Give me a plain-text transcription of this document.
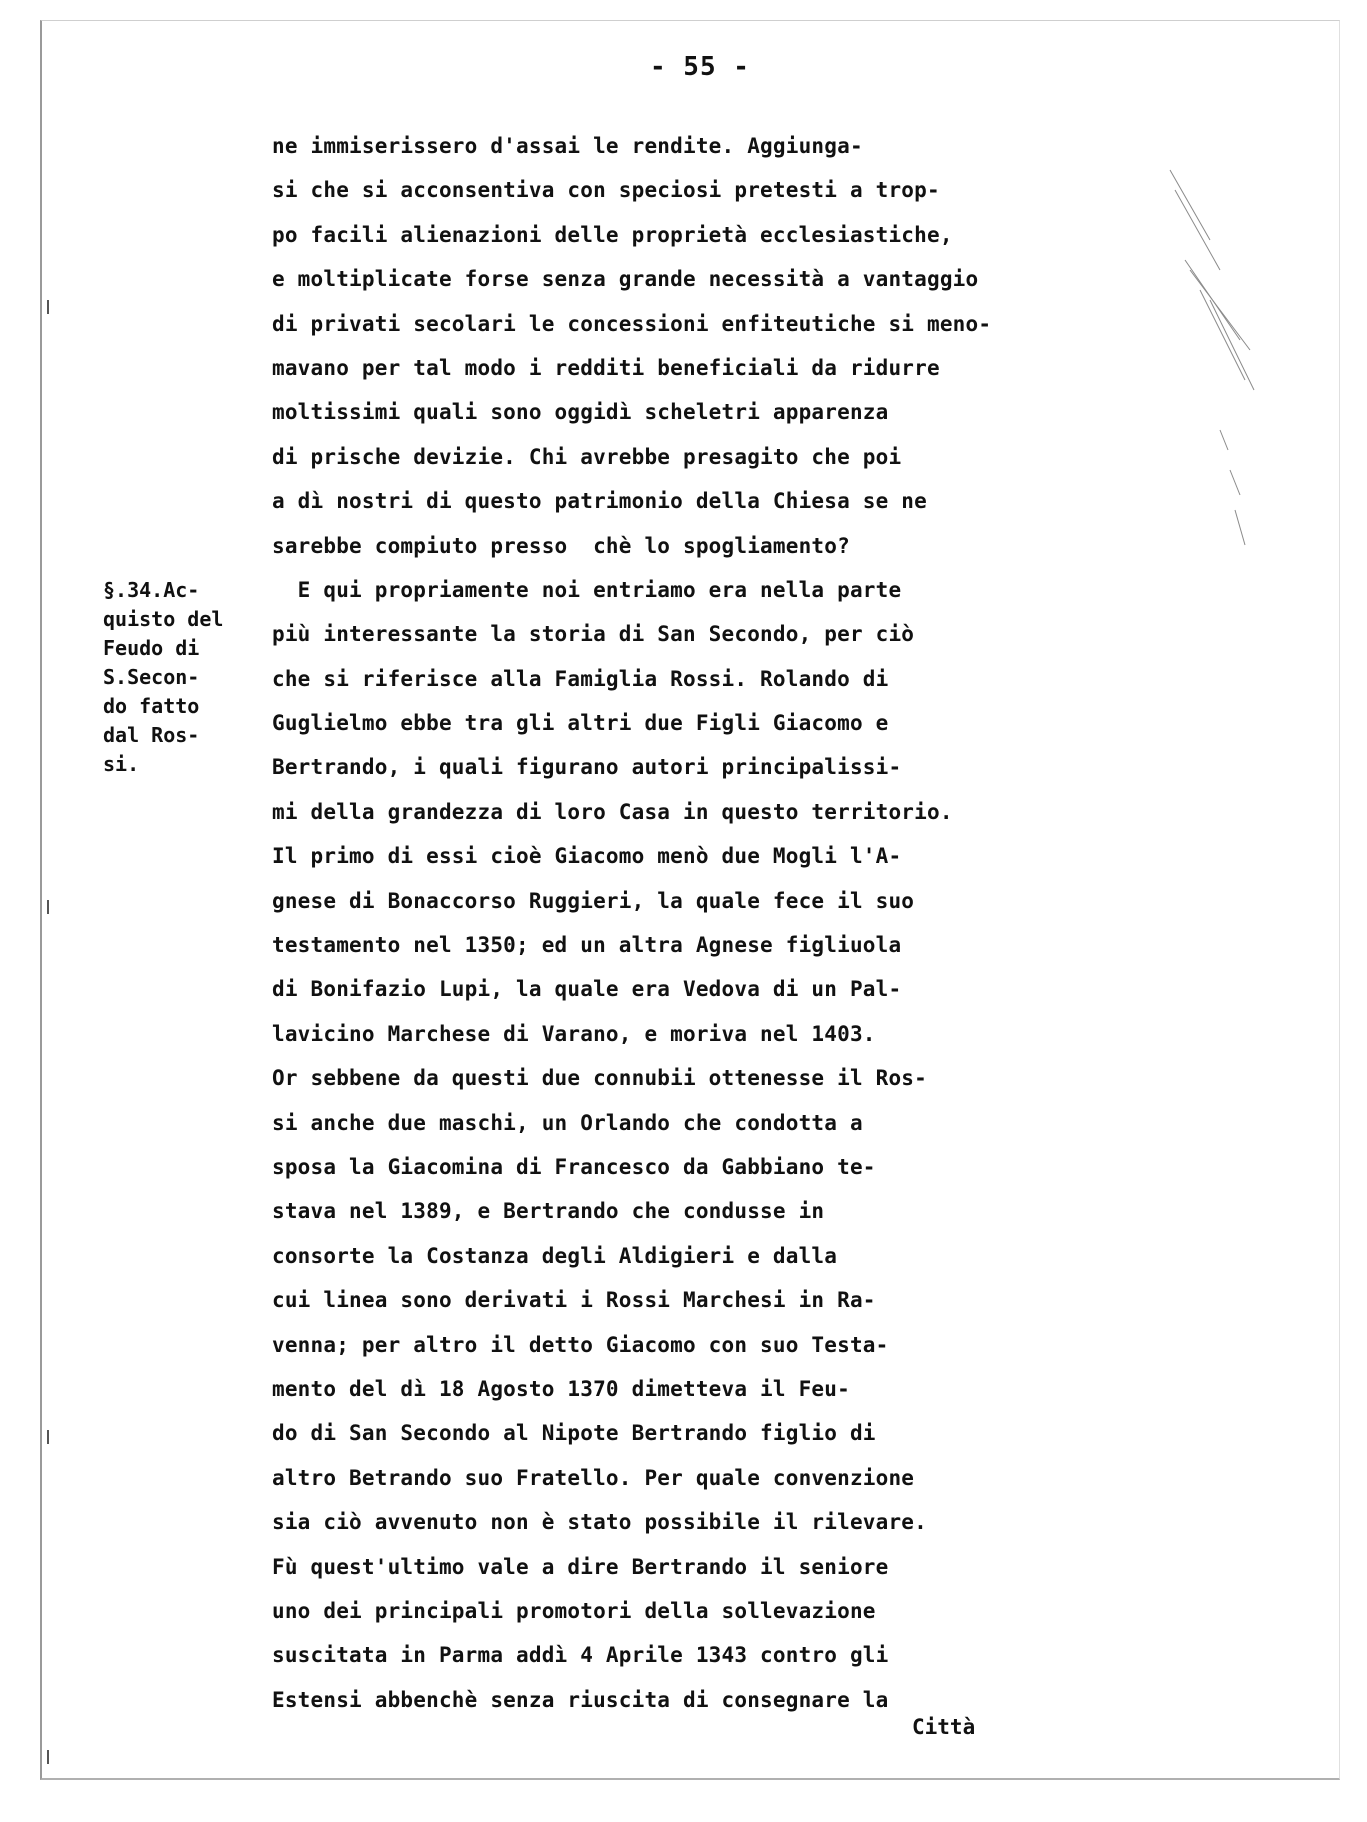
- 55 -
ne immiserissero d'assai le rendite. Aggiunga-
si che si acconsentiva con speciosi pretesti a trop-
po facili alienazioni delle proprietà ecclesiastiche,
e moltiplicate forse senza grande necessità a vantaggio
di privati secolari le concessioni enfiteutiche si meno-
mavano per tal modo i redditi beneficiali da ridurre
moltissimi quali sono oggidì scheletri apparenza
di prische devizie. Chi avrebbe presagito che poi
a dì nostri di questo patrimonio della Chiesa se ne
sarebbe compiuto presso  chè lo spogliamento?
E qui propriamente noi entriamo era nella parte
più interessante la storia di San Secondo, per ciò
che si riferisce alla Famiglia Rossi. Rolando di
Guglielmo ebbe tra gli altri due Figli Giacomo e
Bertrando, i quali figurano autori principalissi-
mi della grandezza di loro Casa in questo territorio.
Il primo di essi cioè Giacomo menò due Mogli l'A-
gnese di Bonaccorso Ruggieri, la quale fece il suo
testamento nel 1350; ed un altra Agnese figliuola
di Bonifazio Lupi, la quale era Vedova di un Pal-
lavicino Marchese di Varano, e moriva nel 1403.
Or sebbene da questi due connubii ottenesse il Ros-
si anche due maschi, un Orlando che condotta a
sposa la Giacomina di Francesco da Gabbiano te-
stava nel 1389, e Bertrando che condusse in
consorte la Costanza degli Aldigieri e dalla
cui linea sono derivati i Rossi Marchesi in Ra-
venna; per altro il detto Giacomo con suo Testa-
mento del dì 18 Agosto 1370 dimetteva il Feu-
do di San Secondo al Nipote Bertrando figlio di
altro Betrando suo Fratello. Per quale convenzione
sia ciò avvenuto non è stato possibile il rilevare.
Fù quest'ultimo vale a dire Bertrando il seniore
uno dei principali promotori della sollevazione
suscitata in Parma addì 4 Aprile 1343 contro gli
Estensi abbenchè senza riuscita di consegnare la
§.34.Ac-
quisto del
Feudo di
S.Secon-
do fatto
dal Ros-
si.
Città
